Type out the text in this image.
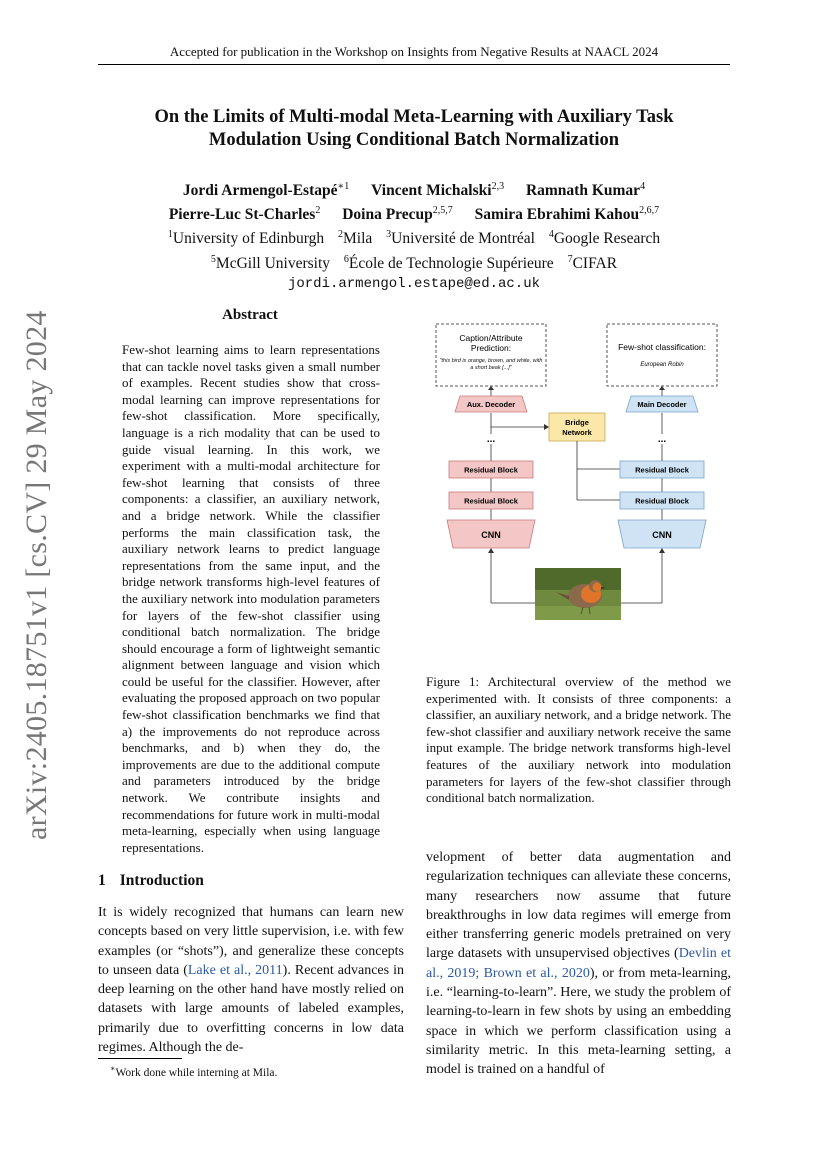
Accepted for publication in the Workshop on Insights from Negative Results at NAACL 2024
On the Limits of Multi-modal Meta-Learning with Auxiliary Task
Modulation Using Conditional Batch Normalization
Jordi Armengol-Estapé$^{∗1}$ Vincent Michalski$^{2,3}$ Ramnath Kumar$^4$
Pierre-Luc St-Charles$^2$ Doina Precup$^{2,5,7}$ Samira Ebrahimi Kahou$^{2,6,7}$
$^1$University of Edinburgh $^2$Mila $^3$Université de Montréal $^4$Google Research
$^5$McGill University $^6$École de Technologie Supérieure $^7$CIFAR
jordi.armengol.estape@ed.ac.uk
arXiv:2405.18751v1 [cs.CV] 29 May 2024	Abstract
Few-shot learning aims to learn representations that can tackle novel tasks given a small number of examples. Recent studies show that cross-modal learning can improve representations for few-shot classification. More specifically, language is a rich modality that can be used to guide visual learning. In this work, we experiment with a multi-modal architecture for few-shot learning that consists of three components: a classifier, an auxiliary network, and a bridge network. While the classifier performs the main classification task, the auxiliary network learns to predict language representations from the same input, and the bridge network transforms high-level features of the auxiliary network into modulation parameters for layers of the few-shot classifier using conditional batch normalization. The bridge should encourage a form of lightweight semantic alignment between language and vision which could be useful for the classifier. However, after evaluating the proposed approach on two popular few-shot classification benchmarks we find that a) the improvements do not reproduce across benchmarks, and b) when they do, the improvements are due to the additional compute and parameters introduced by the bridge network. We contribute insights and recommendations for future work in multi-modal meta-learning, especially when using language representations.
Caption/Attribute Prediction:
"this bird is orange, brown, and white, with a short beak [...]"
Few-shot classification:
European Robin
Aux. Decoder	Main Decoder
Bridge
Network
...	...
Residual Block
Residual Block
Residual Block
Residual Block
CNN	CNN
Figure 1: Architectural overview of the method we experimented with. It consists of three components: a classifier, an auxiliary network, and a bridge network. The few-shot classifier and auxiliary network receive the same input example. The bridge network transforms high-level features of the auxiliary network into modulation parameters for layers of the few-shot classifier through conditional batch normalization.
1 Introduction
It is widely recognized that humans can learn new concepts based on very little supervision, i.e. with few examples (or “shots”), and generalize these concepts to unseen data (Lake et al., 2011). Recent advances in deep learning on the other hand have mostly relied on datasets with large amounts of labeled examples, primarily due to overfitting concerns in low data regimes. Although the de-
velopment of better data augmentation and regularization techniques can alleviate these concerns, many researchers now assume that future breakthroughs in low data regimes will emerge from either transferring generic models pretrained on very large datasets with unsupervised objectives (Devlin et al., 2019; Brown et al., 2020), or from meta-learning, i.e. “learning-to-learn”. Here, we study the problem of learning-to-learn in few shots by using an embedding space in which we perform classification using a similarity metric. In this meta-learning setting, a model is trained on a handful of
∗Work done while interning at Mila.
